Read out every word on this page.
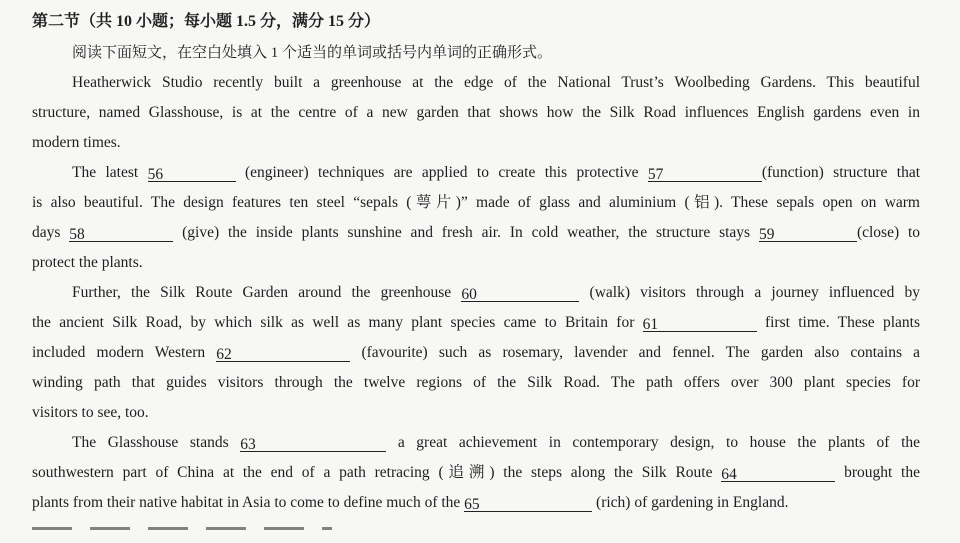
第二节（共 10 小题；每小题 1.5 分，满分 15 分）
阅读下面短文，在空白处填入 1 个适当的单词或括号内单词的正确形式。
Heatherwick Studio recently built a greenhouse at the edge of the National Trust’s Woolbeding Gardens. This beautiful
structure, named Glasshouse, is at the centre of a new garden that shows how the Silk Road influences English gardens even in
modern times.
The latest 56	(engineer) techniques are applied to create this protective 57	(function) structure that
is also beautiful. The design features ten steel “sepals (萼片)” made of glass and aluminium (铝). These sepals open on warm
days 58	(give) the inside plants sunshine and fresh air. In cold weather, the structure stays 59	(close) to
protect the plants.
Further, the Silk Route Garden around the greenhouse 60	(walk) visitors through a journey influenced by
the ancient Silk Road, by which silk as well as many plant species came to Britain for 61	first time. These plants
included modern Western 62	(favourite) such as rosemary, lavender and fennel. The garden also contains a
winding path that guides visitors through the twelve regions of the Silk Road. The path offers over 300 plant species for
visitors to see, too.
The Glasshouse stands 63	a great achievement in contemporary design, to house the plants of the
southwestern part of China at the end of a path retracing (追溯) the steps along the Silk Route 64	brought the
plants from their native habitat in Asia to come to define much of the 65	(rich) of gardening in England.
